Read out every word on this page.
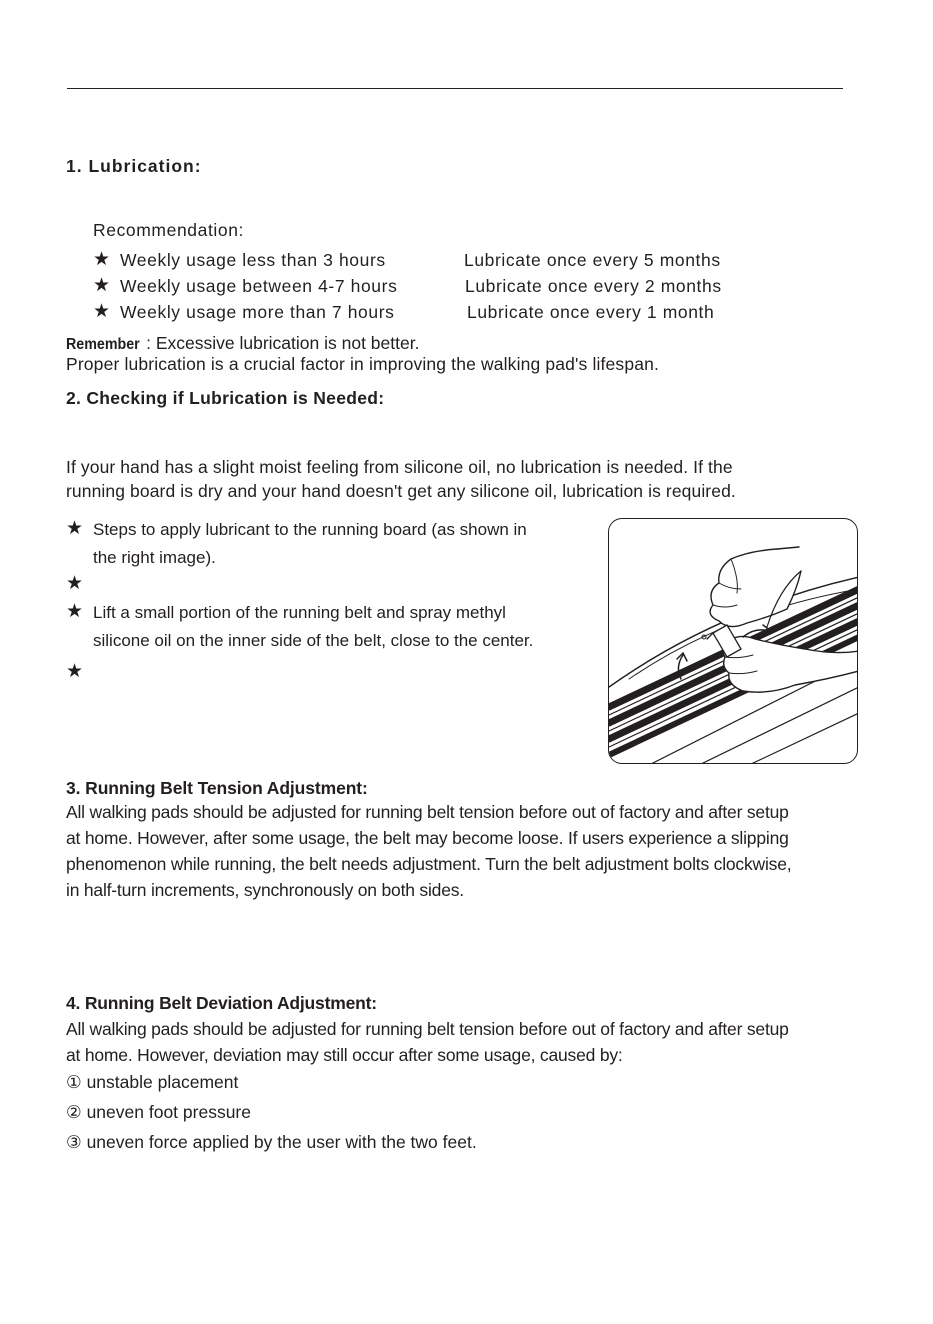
1. Lubrication:
Recommendation:
★ Weekly usage less than 3 hours	Lubricate once every 5 months
★ Weekly usage between 4-7 hours	Lubricate once every 2 months
★ Weekly usage more than 7 hours	Lubricate once every 1 month
Remember : Excessive lubrication is not better.
Proper lubrication is a crucial factor in improving the walking pad's lifespan.
2. Checking if Lubrication is Needed:
If your hand has a slight moist feeling from silicone oil, no lubrication is needed. If the
running board is dry and your hand doesn't get any silicone oil, lubrication is required.
★ Steps to apply lubricant to the running board (as shown in
the right image).
★
★ Lift a small portion of the running belt and spray methyl
silicone oil on the inner side of the belt, close to the center.
★
3. Running Belt Tension Adjustment:
All walking pads should be adjusted for running belt tension before out of factory and after setup
at home. However, after some usage, the belt may become loose. If users experience a slipping
phenomenon while running, the belt needs adjustment. Turn the belt adjustment bolts clockwise,
in half-turn increments, synchronously on both sides.
4. Running Belt Deviation Adjustment:
All walking pads should be adjusted for running belt tension before out of factory and after setup
at home. However, deviation may still occur after some usage, caused by:
① unstable placement
② uneven foot pressure
③ uneven force applied by the user with the two feet.
